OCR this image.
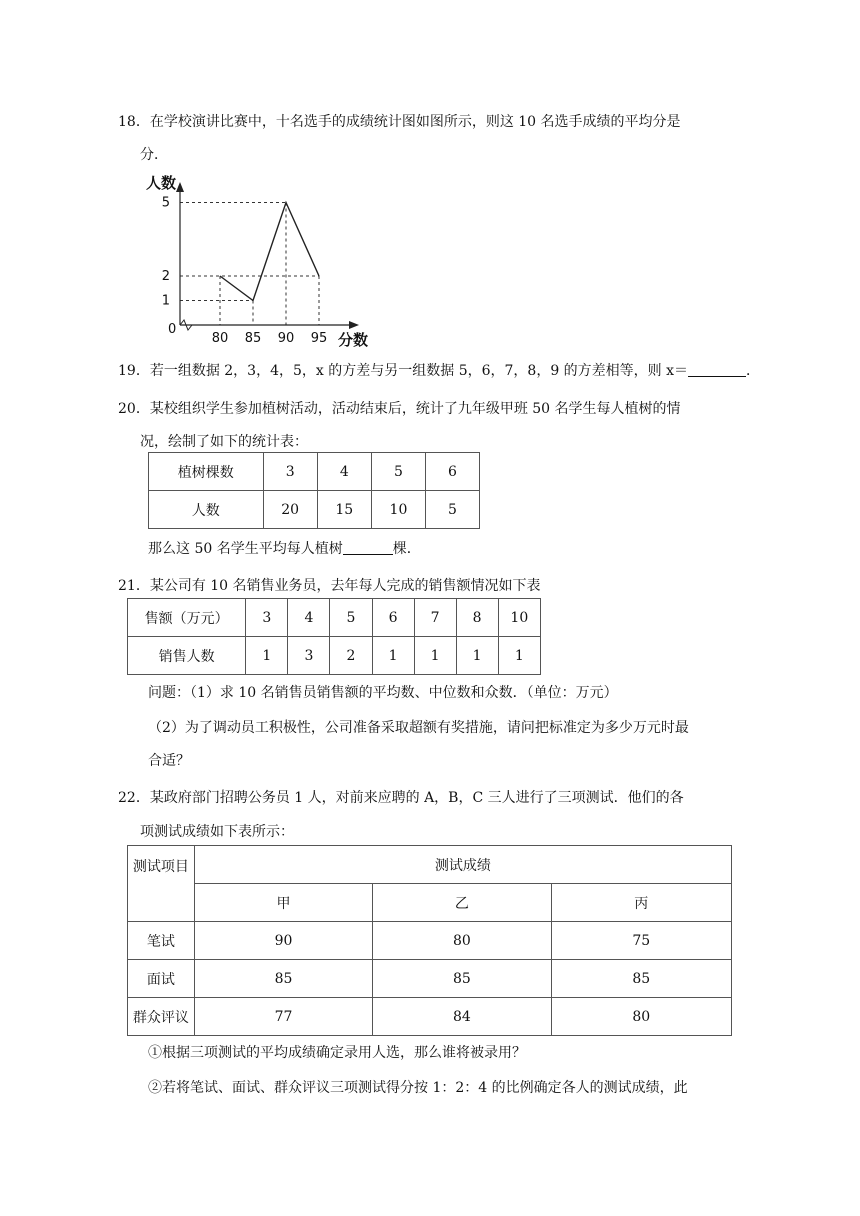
18．在学校演讲比赛中，十名选手的成绩统计图如图所示，则这 10 名选手成绩的平均分是
分．
人数
分数
0
80 85 90 95
1
2
5
19．若一组数据 2，3，4，5，x 的方差与另一组数据 5，6，7，8，9 的方差相等，则 x＝	．
20．某校组织学生参加植树活动，活动结束后，统计了九年级甲班 50 名学生每人植树的情
况，绘制了如下的统计表：
植树棵数	3	4	5	6
人数	20	15	10	5
那么这 50 名学生平均每人植树	棵．
21．某公司有 10 名销售业务员，去年每人完成的销售额情况如下表
售额（万元）	3	4	5	6	7	8	10
销售人数	1	3	2	1	1	1	1
问题：（1）求 10 名销售员销售额的平均数、中位数和众数．（单位：万元）
（2）为了调动员工积极性，公司准备采取超额有奖措施，请问把标准定为多少万元时最
合适？
22．某政府部门招聘公务员 1 人，对前来应聘的 A，B，C 三人进行了三项测试．他们的各
项测试成绩如下表所示：
测试项目	测试成绩		
	甲	乙	丙
笔试	90	80	75
面试	85	85	85
群众评议	77	84	80
①根据三项测试的平均成绩确定录用人选，那么谁将被录用？
②若将笔试、面试、群众评议三项测试得分按 1：2：4 的比例确定各人的测试成绩，此
